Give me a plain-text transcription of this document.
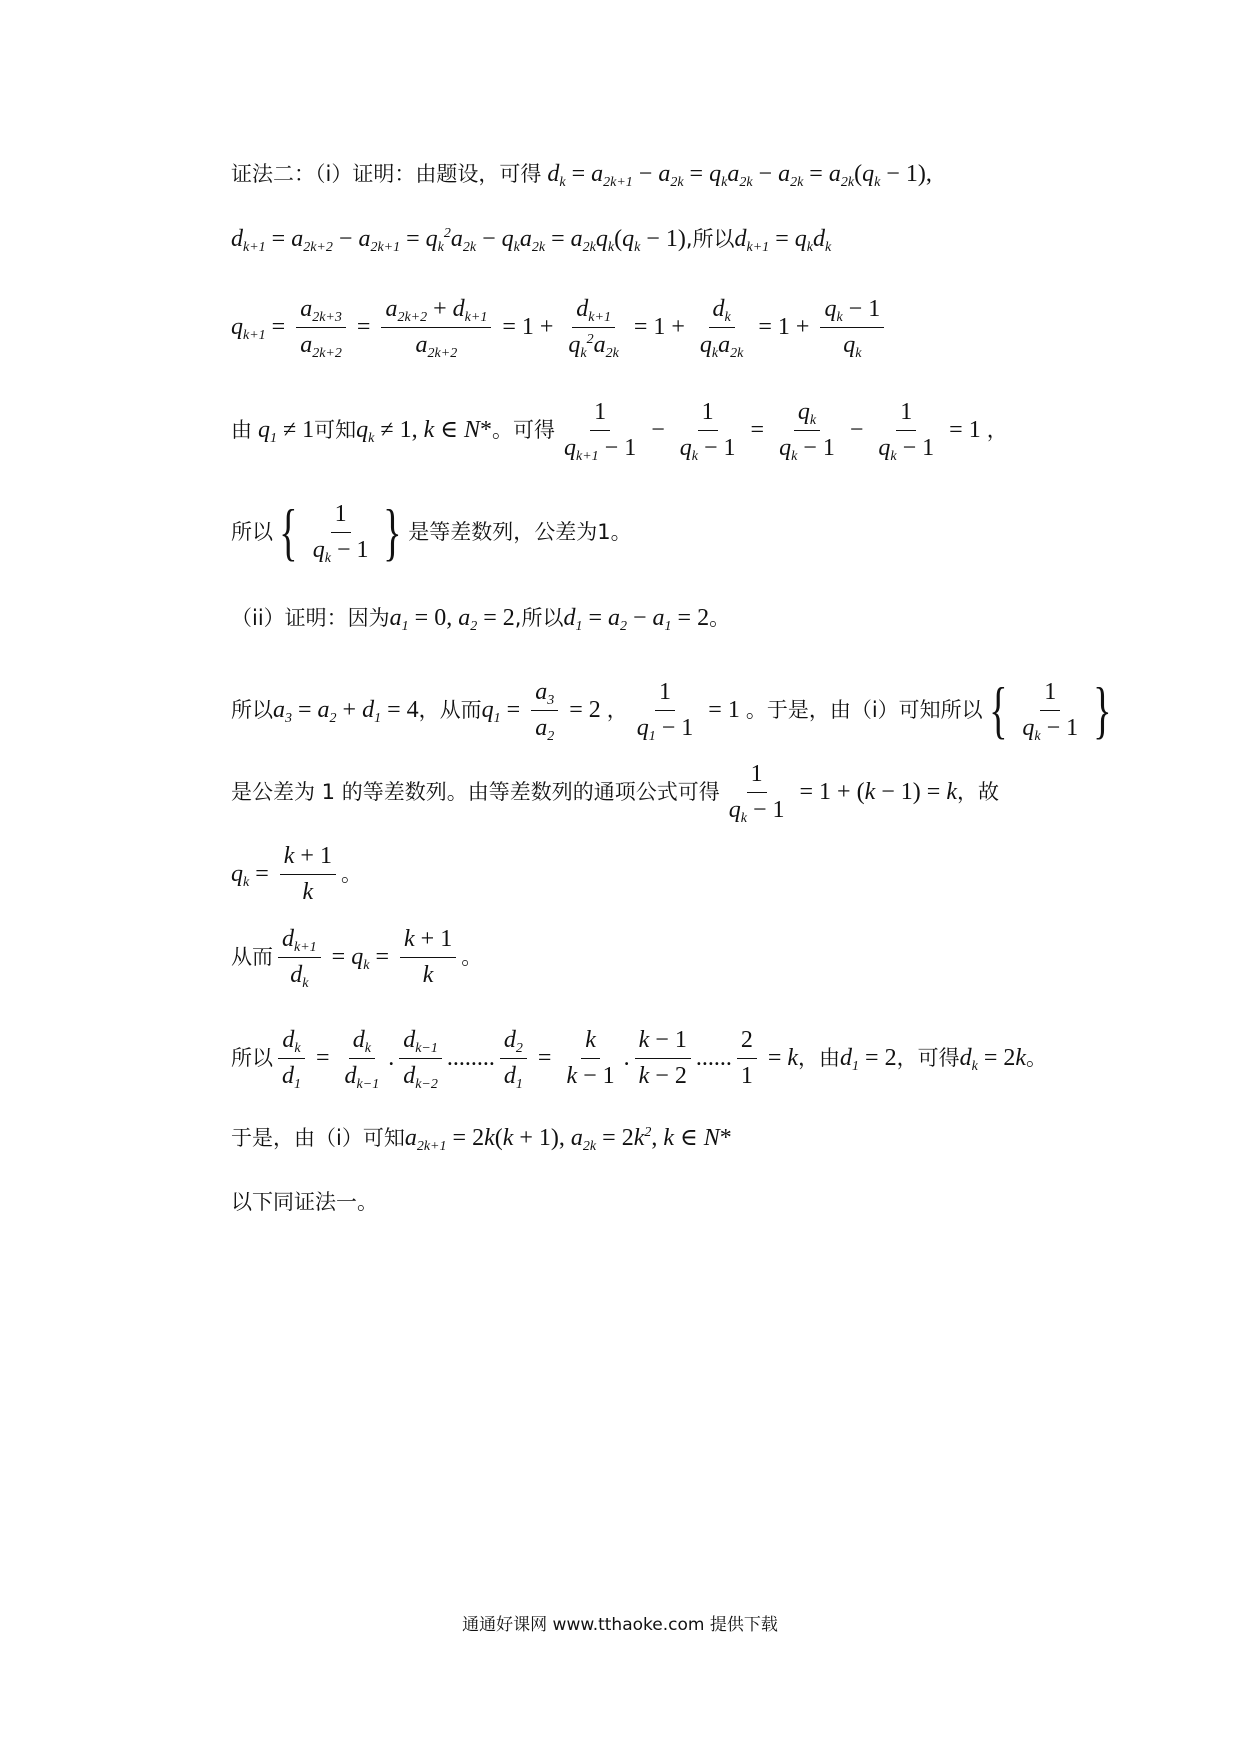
证法二：（i）证明：由题设，可得 $d_k = a_{2k+1} - a_{2k} = q_ka_{2k} - a_{2k} = a_{2k}(q_k - 1)$,
$d_{k+1} = a_{2k+2} - a_{2k+1} = q_k^2a_{2k} - q_ka_{2k} = a_{2k}q_k(q_k - 1)$ ,所以 $d_{k+1} = q_kd_k$
$q_{k+1} = \frac{a_{2k+3}}{a_{2k+2}} = \frac{a_{2k+2} + d_{k+1}}{a_{2k+2}} = 1 + \frac{d_{k+1}}{q_k^2a_{2k}} = 1 + \frac{d_k}{q_ka_{2k}} = 1 + \frac{q_k - 1}{q_k}$
由 $q_1 \ne 1$ 可知 $q_k \ne 1$, k ∈ N* 。可得 $\frac{1}{q_{k+1} - 1} - \frac{1}{q_k - 1} = \frac{q_k}{q_k - 1} - \frac{1}{q_k - 1} = 1$ ，
所以 { $\frac{1}{q_k - 1}$ } 是等差数列，公差为1。
（ii）证明：因为 $a_1 = 0$, $a_2 = 2$ ,所以 $d_1 = a_2 - a_1 = 2$ 。
所以 $a_3 = a_2 + d_1 = 4$ ，从而 $q_1 = \frac{a_3}{a_2} = 2$ ， $\frac{1}{q_1 - 1} = 1$ 。于是，由（i）可知所以 { $\frac{1}{q_k - 1}$ }
是公差为 1 的等差数列。由等差数列的通项公式可得 $\frac{1}{q_k - 1} = 1 + (k - 1) = k$ ，故
$q_k = \frac{k + 1}{k}$ 。
从而 $\frac{d_{k+1}}{d_k} = q_k = \frac{k + 1}{k}$ 。
所以 $\frac{d_k}{d_1} = \frac{d_k}{d_{k-1}}$ . $\frac{d_{k-1}}{d_{k-2}}$ ........ $\frac{d_2}{d_1} = \frac{k}{k - 1}$ . $\frac{k - 1}{k - 2}$ ...... $\frac{2}{1} = k$ ，由 $d_1 = 2$ ，可得 $d_k = 2k$ 。
于是，由（i）可知 $a_{2k+1} = 2k(k + 1)$, $a_{2k} = 2k^2$, k ∈ N*
以下同证法一。
通通好课网 www.tthaoke.com 提供下载
